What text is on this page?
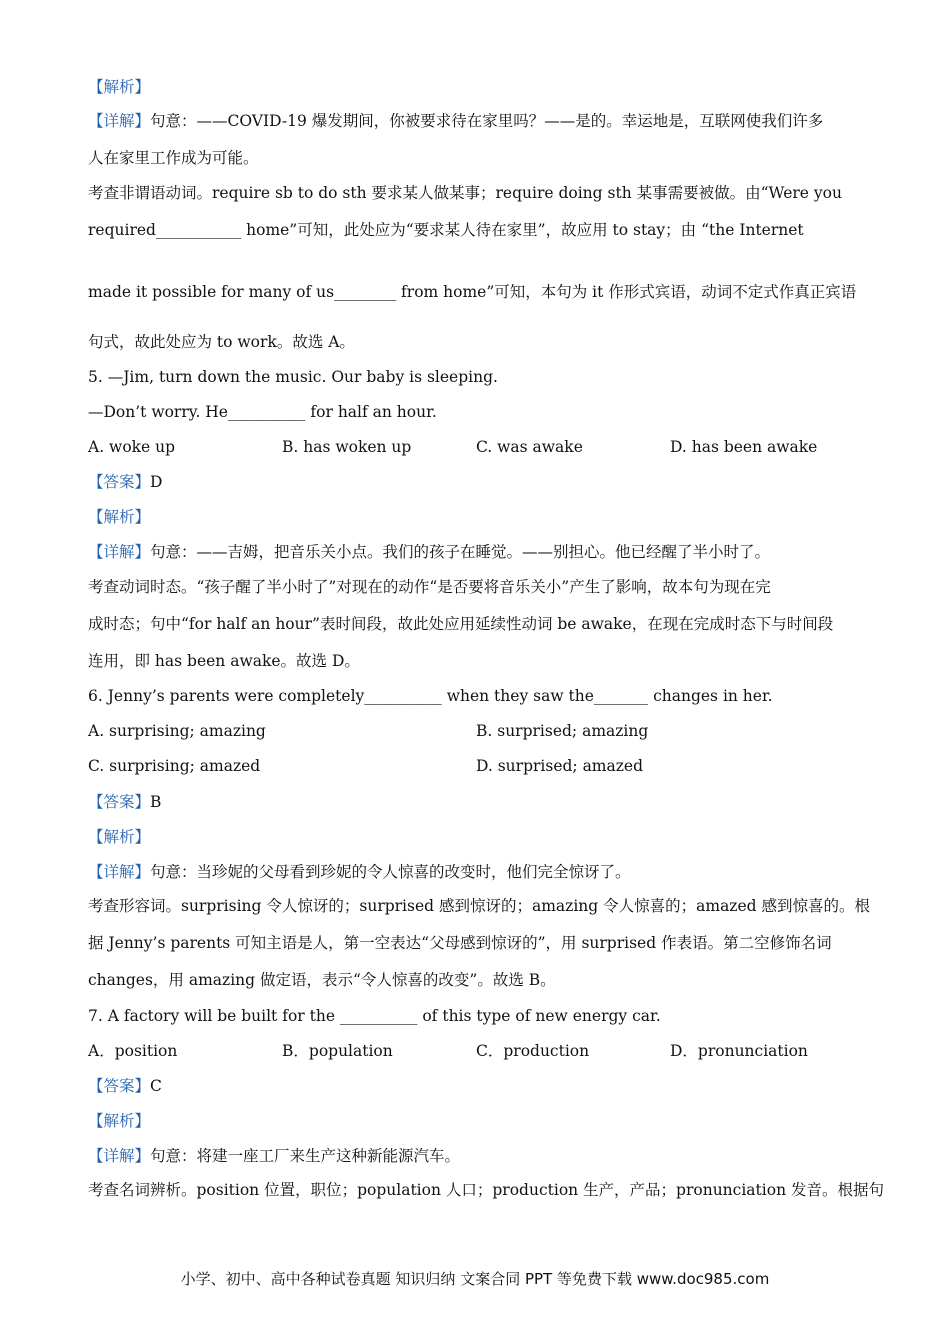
【解析】
【详解】句意：——COVID-19 爆发期间，你被要求待在家里吗？——是的。幸运地是，互联网使我们许多
人在家里工作成为可能。
考查非谓语动词。require sb to do sth 要求某人做某事；require doing sth 某事需要被做。由“Were you
required___________ home”可知，此处应为“要求某人待在家里”，故应用 to stay；由 “the Internet
made it possible for many of us________ from home”可知，本句为 it 作形式宾语，动词不定式作真正宾语
句式，故此处应为 to work。故选 A。
5. —Jim, turn down the music. Our baby is sleeping.
—Don’t worry. He__________ for half an hour.
A. woke up	B. has woken up	C. was awake	D. has been awake
【答案】D
【解析】
【详解】句意：——吉姆，把音乐关小点。我们的孩子在睡觉。——别担心。他已经醒了半小时了。
考查动词时态。“孩子醒了半小时了”对现在的动作“是否要将音乐关小”产生了影响，故本句为现在完
成时态；句中“for half an hour”表时间段，故此处应用延续性动词 be awake，在现在完成时态下与时间段
连用，即 has been awake。故选 D。
6. Jenny’s parents were completely__________ when they saw the_______ changes in her.
A. surprising; amazing	B. surprised; amazing
C. surprising; amazed	D. surprised; amazed
【答案】B
【解析】
【详解】句意：当珍妮的父母看到珍妮的令人惊喜的改变时，他们完全惊讶了。
考查形容词。surprising 令人惊讶的；surprised 感到惊讶的；amazing 令人惊喜的；amazed 感到惊喜的。根
据 Jenny’s parents 可知主语是人，第一空表达“父母感到惊讶的”，用 surprised 作表语。第二空修饰名词
changes，用 amazing 做定语，表示“令人惊喜的改变”。故选 B。
7. A factory will be built for the __________ of this type of new energy car.
A．position	B．population	C．production	D．pronunciation
【答案】C
【解析】
【详解】句意：将建一座工厂来生产这种新能源汽车。
考查名词辨析。position 位置，职位；population 人口；production 生产，产品；pronunciation 发音。根据句
小学、初中、高中各种试卷真题 知识归纳 文案合同 PPT 等免费下载 www.doc985.com
